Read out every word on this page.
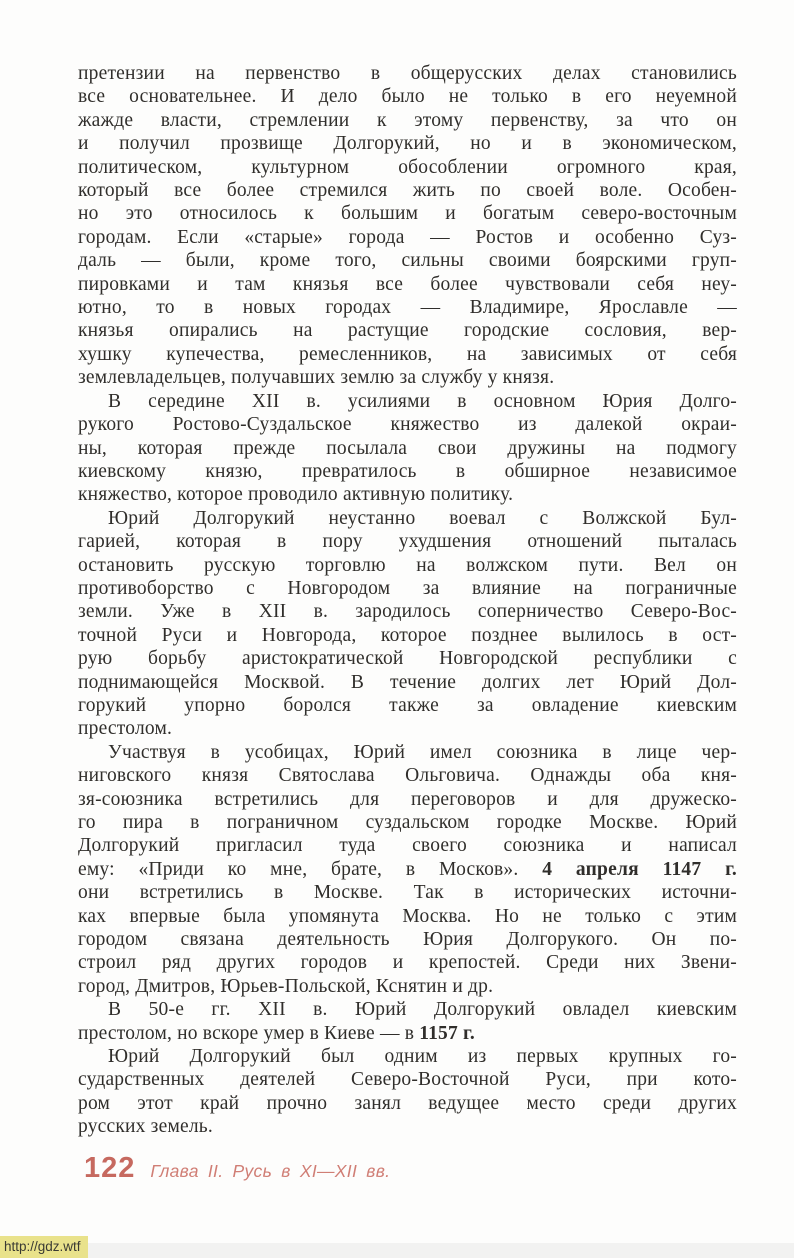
претензии на первенство в общерусских делах становились
все основательнее. И дело было не только в его неуемной
жажде власти, стремлении к этому первенству, за что он
и получил прозвище Долгорукий, но и в экономическом,
политическом, культурном обособлении огромного края,
который все более стремился жить по своей воле. Особен-
но это относилось к большим и богатым северо-восточным
городам. Если «старые» города — Ростов и особенно Суз-
даль — были, кроме того, сильны своими боярскими груп-
пировками и там князья все более чувствовали себя неу-
ютно, то в новых городах — Владимире, Ярославле —
князья опирались на растущие городские сословия, вер-
хушку купечества, ремесленников, на зависимых от себя
землевладельцев, получавших землю за службу у князя.
В середине XII в. усилиями в основном Юрия Долго-
рукого Ростово-Суздальское княжество из далекой окраи-
ны, которая прежде посылала свои дружины на подмогу
киевскому князю, превратилось в обширное независимое
княжество, которое проводило активную политику.
Юрий Долгорукий неустанно воевал с Волжской Бул-
гарией, которая в пору ухудшения отношений пыталась
остановить русскую торговлю на волжском пути. Вел он
противоборство с Новгородом за влияние на пограничные
земли. Уже в XII в. зародилось соперничество Северо-Вос-
точной Руси и Новгорода, которое позднее вылилось в ост-
рую борьбу аристократической Новгородской республики с
поднимающейся Москвой. В течение долгих лет Юрий Дол-
горукий упорно боролся также за овладение киевским
престолом.
Участвуя в усобицах, Юрий имел союзника в лице чер-
ниговского князя Святослава Ольговича. Однажды оба кня-
зя-союзника встретились для переговоров и для дружеско-
го пира в пограничном суздальском городке Москве. Юрий
Долгорукий пригласил туда своего союзника и написал
ему: «Приди ко мне, брате, в Москов». 4 апреля 1147 г.
они встретились в Москве. Так в исторических источни-
ках впервые была упомянута Москва. Но не только с этим
городом связана деятельность Юрия Долгорукого. Он по-
строил ряд других городов и крепостей. Среди них Звени-
город, Дмитров, Юрьев-Польской, Кснятин и др.
В 50-е гг. XII в. Юрий Долгорукий овладел киевским
престолом, но вскоре умер в Киеве — в 1157 г.
Юрий Долгорукий был одним из первых крупных го-
сударственных деятелей Северо-Восточной Руси, при кото-
ром этот край прочно занял ведущее место среди других
русских земель.
122 Глава II. Русь в XI—XII вв.
http://gdz.wtf
